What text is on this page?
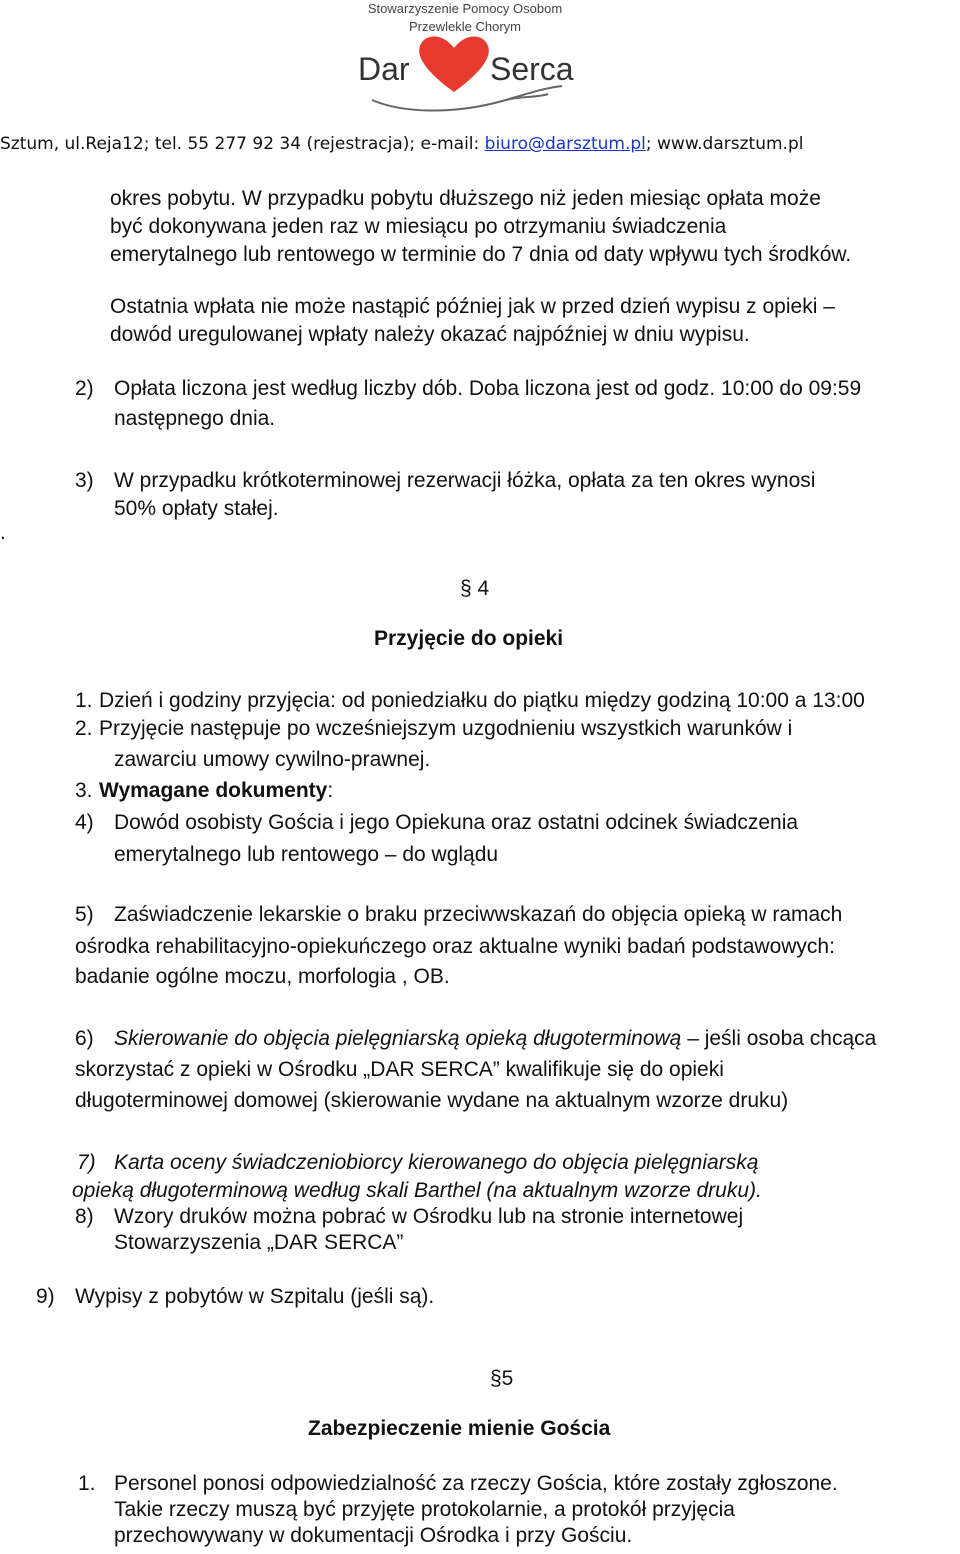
Stowarzyszenie Pomocy Osobom
Przewlekle Chorym
Dar	Serca
Sztum, ul.Reja12; tel. 55 277 92 34 (rejestracja); e-mail: biuro@darsztum.pl; www.darsztum.pl
okres pobytu. W przypadku pobytu dłuższego niż jeden miesiąc opłata może
być dokonywana jeden raz w miesiącu po otrzymaniu świadczenia
emerytalnego lub rentowego w terminie do 7 dnia od daty wpływu tych środków.
Ostatnia wpłata nie może nastąpić później jak w przed dzień wypisu z opieki –
dowód uregulowanej wpłaty należy okazać najpóźniej w dniu wypisu.
2) Opłata liczona jest według liczby dób. Doba liczona jest od godz. 10:00 do 09:59
następnego dnia.
.
3) W przypadku krótkoterminowej rezerwacji łóżka, opłata za ten okres wynosi
50% opłaty stałej.
§ 4
Przyjęcie do opieki
1. Dzień i godziny przyjęcia: od poniedziałku do piątku między godziną 10:00 a 13:00
2. Przyjęcie następuje po wcześniejszym uzgodnieniu wszystkich warunków i
zawarciu umowy cywilno-prawnej.
3. Wymagane dokumenty:
4) Dowód osobisty Gościa i jego Opiekuna oraz ostatni odcinek świadczenia
emerytalnego lub rentowego – do wglądu
5) Zaświadczenie lekarskie o braku przeciwwskazań do objęcia opieką w ramach
ośrodka rehabilitacyjno-opiekuńczego oraz aktualne wyniki badań podstawowych:
badanie ogólne moczu, morfologia , OB.
6) Skierowanie do objęcia pielęgniarską opieką długoterminową – jeśli osoba chcąca
skorzystać z opieki w Ośrodku „DAR SERCA” kwalifikuje się do opieki
długoterminowej domowej (skierowanie wydane na aktualnym wzorze druku)
7) Karta oceny świadczeniobiorcy kierowanego do objęcia pielęgniarską
opieką długoterminową według skali Barthel (na aktualnym wzorze druku).
8) Wzory druków można pobrać w Ośrodku lub na stronie internetowej
Stowarzyszenia „DAR SERCA”
9) Wypisy z pobytów w Szpitalu (jeśli są).
§5
Zabezpieczenie mienie Gościa
1. Personel ponosi odpowiedzialność za rzeczy Gościa, które zostały zgłoszone.
Takie rzeczy muszą być przyjęte protokolarnie, a protokół przyjęcia
przechowywany w dokumentacji Ośrodka i przy Gościu.
